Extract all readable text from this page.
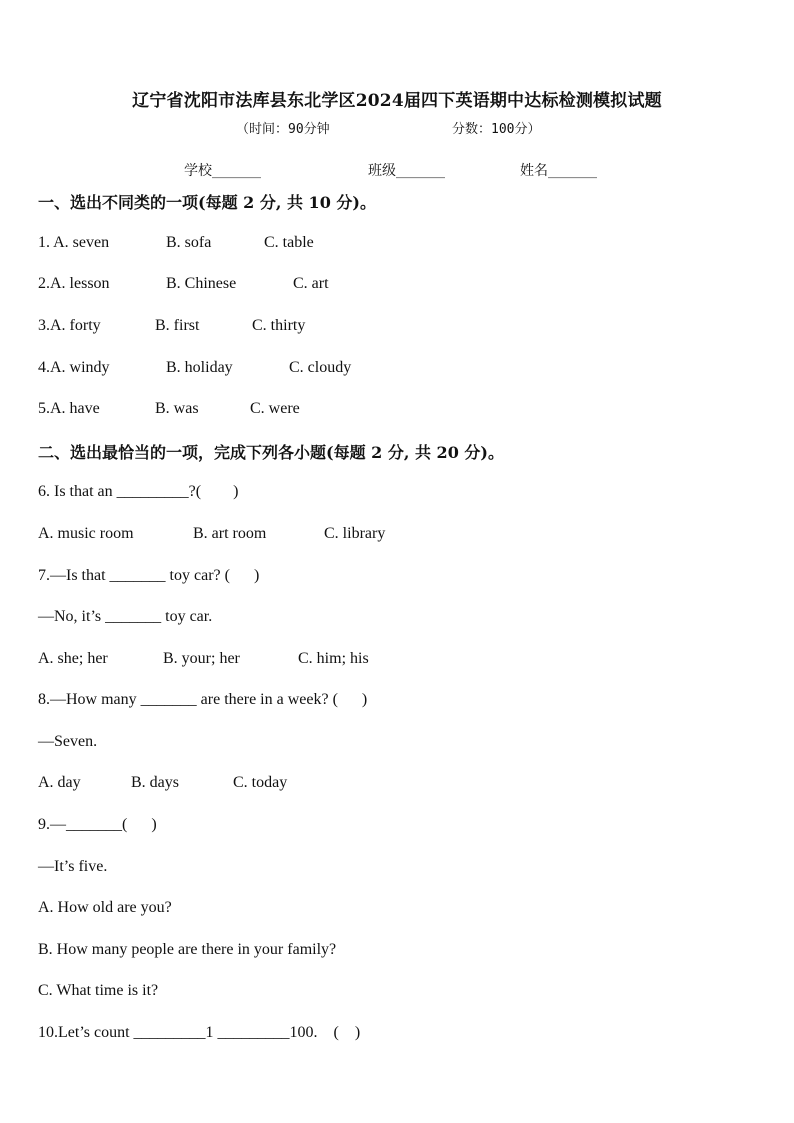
辽宁省沈阳市法库县东北学区2024届四下英语期中达标检测模拟试题
（时间：90分钟	分数：100分）
学校_______	班级_______	姓名_______
一、选出不同类的一项(每题 2 分, 共 10 分)。
1. A. seven	B. sofa	C. table
2.A. lesson	B. Chinese	C. art
3.A. forty	B. first	C. thirty
4.A. windy	B. holiday	C. cloudy
5.A. have	B. was	C. were
二、选出最恰当的一项，完成下列各小题(每题 2 分, 共 20 分)。
6. Is that an _________?(        )
A. music room	B. art room	C. library
7.—Is that _______ toy car? (      )
—No, it’s _______ toy car.
A. she; her	B. your; her	C. him; his
8.—How many _______ are there in a week? (      )
—Seven.
A. day	B. days	C. today
9.—_______(      )
—It’s five.
A. How old are you?
B. How many people are there in your family?
C. What time is it?
10.Let’s count _________1 _________100.    (    )
